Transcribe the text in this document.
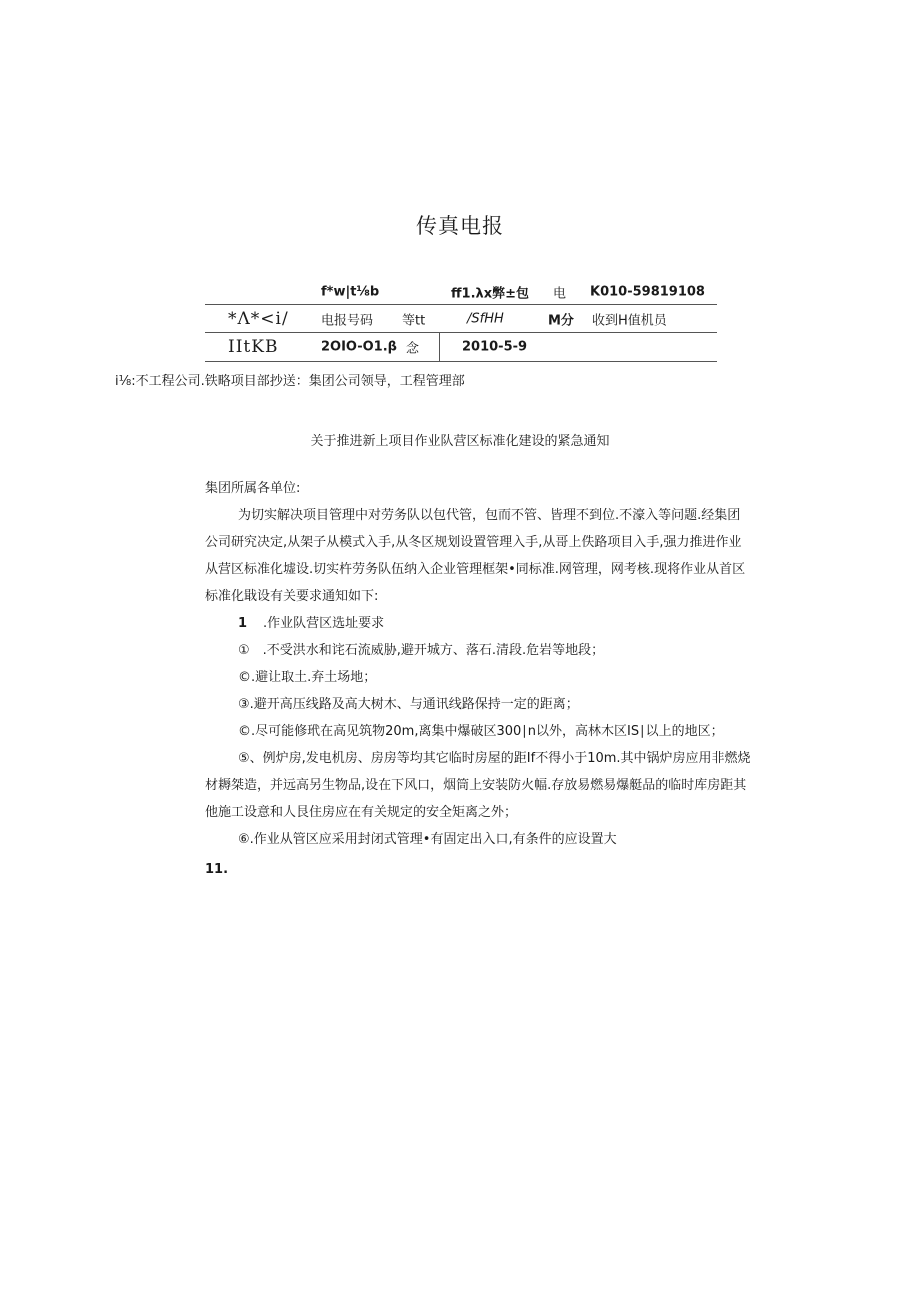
传真电报
f*w|t⅛b	ff1.λx弊±包 电 K010-59819108
*Λ*<i/ 电报号码 等tt	/SfHH	M分 收到H值机员
IItKB	2OIO-O1.β 念	2010-5-9
i⅛:不工程公司.铁略项目部抄送：集团公司领导，工程管理部
关于推进新上项目作业队营区标准化建设的紧急通知
集团所属各单位:
为切实解决项目管理中对劳务队以包代管，包而不管、皆理不到位.不濠入等问题.经集团
公司研究决定,从架子从模式入手,从冬区规划设置管理入手,从哥上佚路项目入手,强力推进作业
从营区标准化墟设.切实杵劳务队伍纳入企业管理框架•同标准.网管理，网考核.现将作业从首区
标准化戢设有关要求通知如下:
1 .作业队营区选址要求
①　.不受洪水和诧石流威胁,避开城方、落石.清段.危岩等地段；
©.避让取土.弃土场地；
③.避开高压线路及高大树木、与通讯线路保持一定的距离；
©.尽可能修玳在高见筑物20m,离集中爆破区300∣n以外，高林木区IS∣以上的地区；
⑤、例炉房,发电机房、房房等均其它临时房屋的距If不得小于10m.其中锅炉房应用非燃烧
材耨桀造，并远高另生物品,设在下风口，烟筒上安装防火幅.存放易燃易爆艇品的临时库房距其
他施工设意和人艮住房应在有关规定的安全矩离之外；
⑥.作业从管区应采用封闭式管理•有固定出入口,有条件的应设置大
11.
